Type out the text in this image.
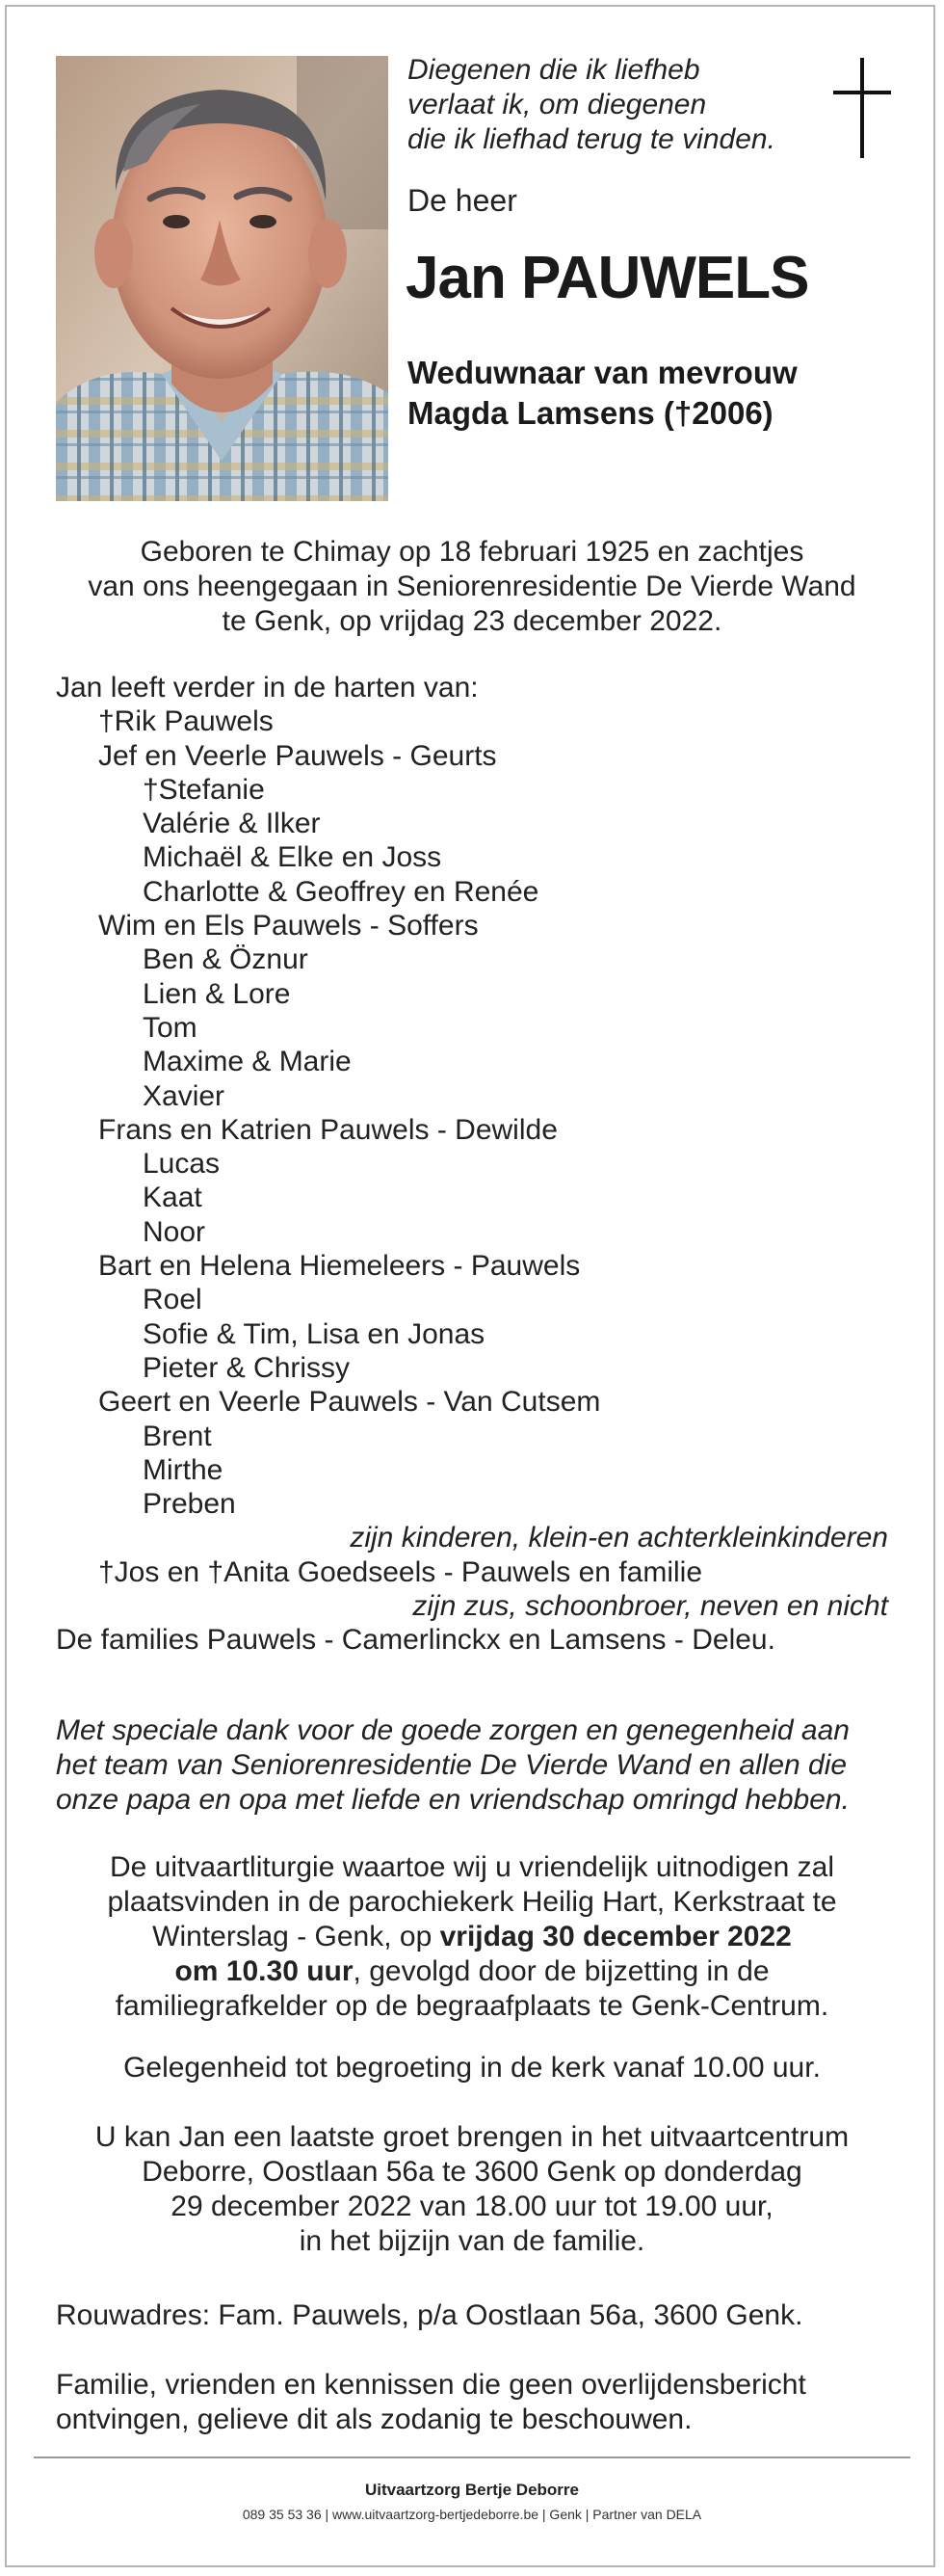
Diegenen die ik liefheb
verlaat ik, om diegenen
die ik liefhad terug te vinden.
De heer
Jan PAUWELS
Weduwnaar van mevrouw
Magda Lamsens (†2006)
Geboren te Chimay op 18 februari 1925 en zachtjes
van ons heengegaan in Seniorenresidentie De Vierde Wand
te Genk, op vrijdag 23 december 2022.
Jan leeft verder in de harten van:
†Rik Pauwels
Jef en Veerle Pauwels - Geurts
†Stefanie
Valérie & Ilker
Michaël & Elke en Joss
Charlotte & Geoffrey en Renée
Wim en Els Pauwels - Soffers
Ben & Öznur
Lien & Lore
Tom
Maxime & Marie
Xavier
Frans en Katrien Pauwels - Dewilde
Lucas
Kaat
Noor
Bart en Helena Hiemeleers - Pauwels
Roel
Sofie & Tim, Lisa en Jonas
Pieter & Chrissy
Geert en Veerle Pauwels - Van Cutsem
Brent
Mirthe
Preben
zijn kinderen, klein-en achterkleinkinderen
†Jos en †Anita Goedseels - Pauwels en familie
zijn zus, schoonbroer, neven en nicht
De families Pauwels - Camerlinckx en Lamsens - Deleu.
Met speciale dank voor de goede zorgen en genegenheid aan
het team van Seniorenresidentie De Vierde Wand en allen die
onze papa en opa met liefde en vriendschap omringd hebben.
De uitvaartliturgie waartoe wij u vriendelijk uitnodigen zal
plaatsvinden in de parochiekerk Heilig Hart, Kerkstraat te
Winterslag - Genk, op vrijdag 30 december 2022
om 10.30 uur, gevolgd door de bijzetting in de
familiegrafkelder op de begraafplaats te Genk-Centrum.
Gelegenheid tot begroeting in de kerk vanaf 10.00 uur.
U kan Jan een laatste groet brengen in het uitvaartcentrum
Deborre, Oostlaan 56a te 3600 Genk op donderdag
29 december 2022 van 18.00 uur tot 19.00 uur,
in het bijzijn van de familie.
Rouwadres: Fam. Pauwels, p/a Oostlaan 56a, 3600 Genk.
Familie, vrienden en kennissen die geen overlijdensbericht
ontvingen, gelieve dit als zodanig te beschouwen.
Uitvaartzorg Bertje Deborre
089 35 53 36 | www.uitvaartzorg-bertjedeborre.be | Genk | Partner van DELA
